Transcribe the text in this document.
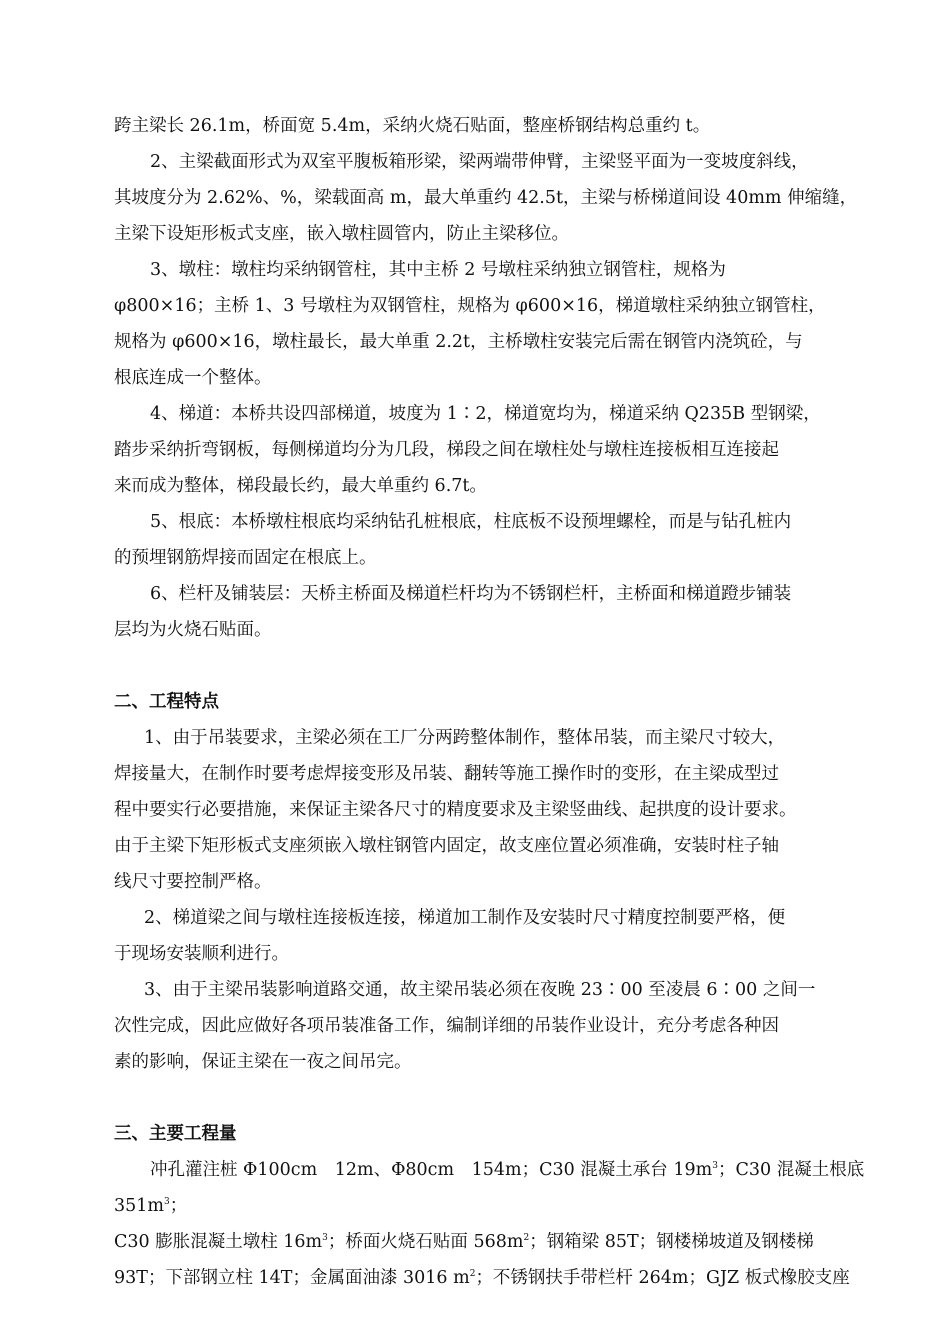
跨主梁长 26.1m，桥面宽 5.4m，采纳火烧石贴面，整座桥钢结构总重约 t。
2、主梁截面形式为双室平腹板箱形梁，梁两端带伸臂，主梁竖平面为一变坡度斜线，
其坡度分为 2.62%、%，梁载面高 m，最大单重约 42.5t，主梁与桥梯道间设 40mm 伸缩缝，
主梁下设矩形板式支座，嵌入墩柱圆管内，防止主梁移位。
3、墩柱：墩柱均采纳钢管柱，其中主桥 2 号墩柱采纳独立钢管柱，规格为
φ800×16；主桥 1、3 号墩柱为双钢管柱，规格为 φ600×16，梯道墩柱采纳独立钢管柱，
规格为 φ600×16，墩柱最长，最大单重 2.2t，主桥墩柱安装完后需在钢管内浇筑砼，与
根底连成一个整体。
4、梯道：本桥共设四部梯道，坡度为 1∶2，梯道宽均为，梯道采纳 Q235B 型钢梁，
踏步采纳折弯钢板，每侧梯道均分为几段，梯段之间在墩柱处与墩柱连接板相互连接起
来而成为整体，梯段最长约，最大单重约 6.7t。
5、根底：本桥墩柱根底均采纳钻孔桩根底，柱底板不设预埋螺栓，而是与钻孔桩内
的预埋钢筋焊接而固定在根底上。
6、栏杆及铺装层：天桥主桥面及梯道栏杆均为不锈钢栏杆，主桥面和梯道蹬步铺装
层均为火烧石贴面。
二、工程特点
1、由于吊装要求，主梁必须在工厂分两跨整体制作，整体吊装，而主梁尺寸较大，
焊接量大，在制作时要考虑焊接变形及吊装、翻转等施工操作时的变形，在主梁成型过
程中要实行必要措施，来保证主梁各尺寸的精度要求及主梁竖曲线、起拱度的设计要求。
由于主梁下矩形板式支座须嵌入墩柱钢管内固定，故支座位置必须准确，安装时柱子轴
线尺寸要控制严格。
2、梯道梁之间与墩柱连接板连接，梯道加工制作及安装时尺寸精度控制要严格，便
于现场安装顺利进行。
3、由于主梁吊装影响道路交通，故主梁吊装必须在夜晚 23∶00 至凌晨 6∶00 之间一
次性完成，因此应做好各项吊装准备工作，编制详细的吊装作业设计，充分考虑各种因
素的影响，保证主梁在一夜之间吊完。
三、主要工程量
冲孔灌注桩 Φ100cm　12m、Φ80cm　154m；C30 混凝土承台 $19m^3$；C30 混凝土根底
$351m^3$；
C30 膨胀混凝土墩柱 $16m^3$；桥面火烧石贴面 $568m^2$；钢箱梁 85T；钢楼梯坡道及钢楼梯
93T；下部钢立柱 14T；金属面油漆 3016 $m^2$；不锈钢扶手带栏杆 264m；GJZ 板式橡胶支座
